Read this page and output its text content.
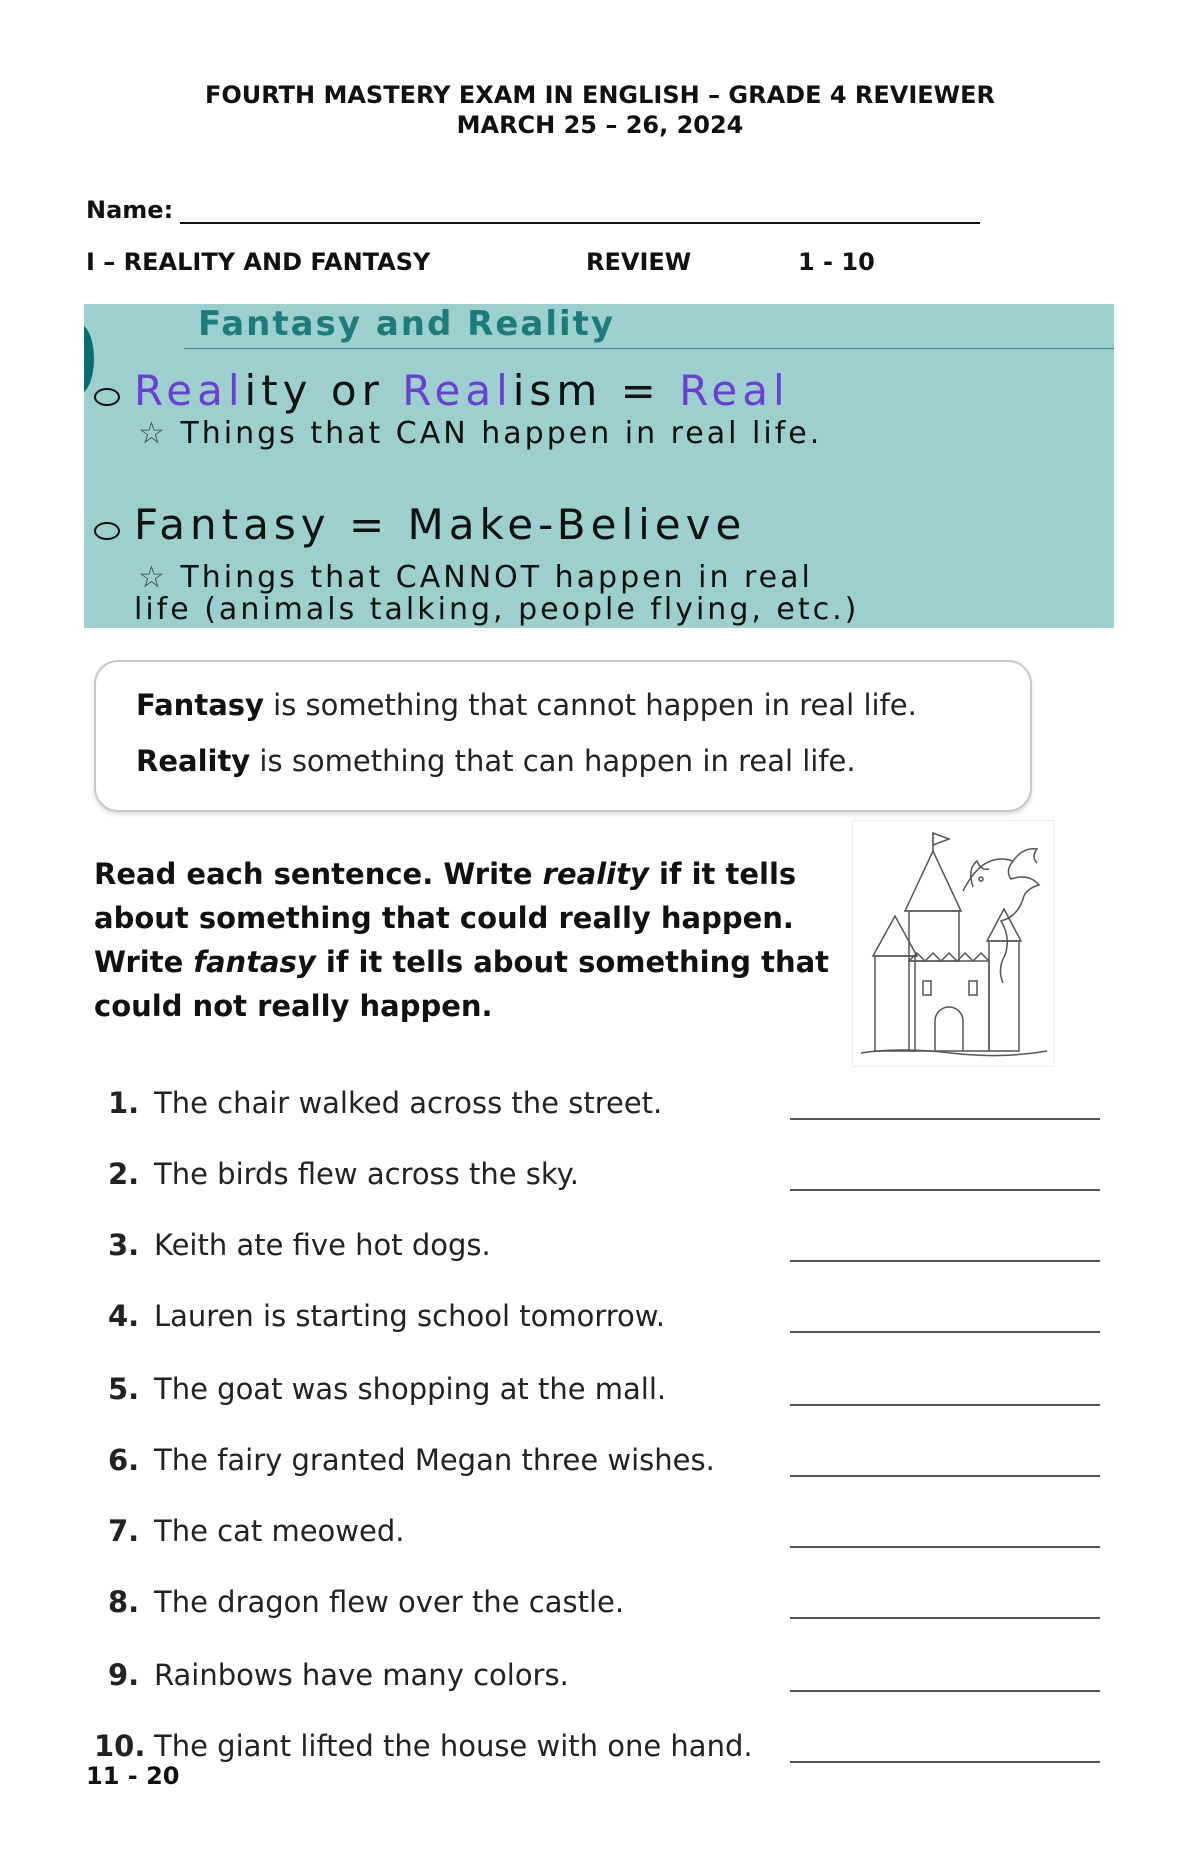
FOURTH MASTERY EXAM IN ENGLISH – GRADE 4 REVIEWER
MARCH 25 – 26, 2024
Name:
I – REALITY AND FANTASY	REVIEW	1 - 10
Fantasy and Reality
Reality or Realism = Real
☆ Things that CAN happen in real life.
Fantasy = Make-Believe
☆ Things that CANNOT happen in real
life (animals talking, people flying, etc.)
Fantasy is something that cannot happen in real life.
Reality is something that can happen in real life.
Read each sentence. Write reality if it tells about something that could really happen. Write fantasy if it tells about something that could not really happen.
1. The chair walked across the street.
2. The birds flew across the sky.
3. Keith ate five hot dogs.
4. Lauren is starting school tomorrow.
5. The goat was shopping at the mall.
6. The fairy granted Megan three wishes.
7. The cat meowed.
8. The dragon flew over the castle.
9. Rainbows have many colors.
10. The giant lifted the house with one hand.
11 - 20
